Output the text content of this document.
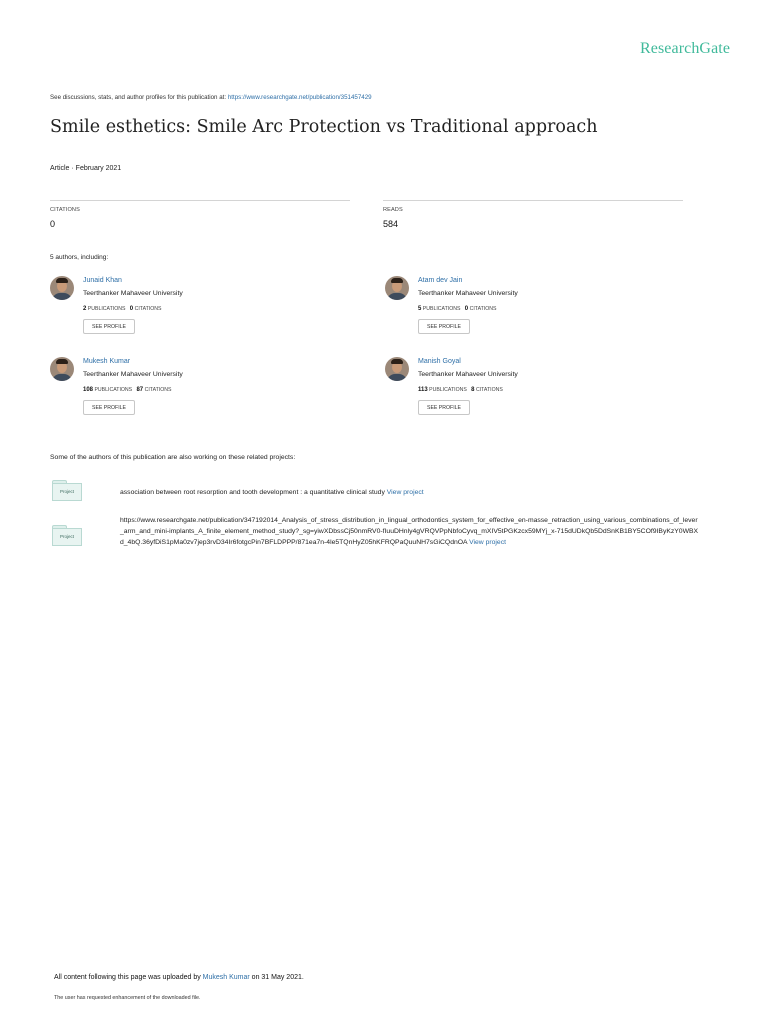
ResearchGate
See discussions, stats, and author profiles for this publication at: https://www.researchgate.net/publication/351457429
Smile esthetics: Smile Arc Protection vs Traditional approach
Article · February 2021
CITATIONS
0
READS
584
5 authors, including:
Junaid Khan
Teerthanker Mahaveer University
2 PUBLICATIONS 0 CITATIONS
SEE PROFILE
Atam dev Jain
Teerthanker Mahaveer University
5 PUBLICATIONS 0 CITATIONS
SEE PROFILE
Mukesh Kumar
Teerthanker Mahaveer University
108 PUBLICATIONS 87 CITATIONS
SEE PROFILE
Manish Goyal
Teerthanker Mahaveer University
113 PUBLICATIONS 8 CITATIONS
SEE PROFILE
Some of the authors of this publication are also working on these related projects:
Project	association between root resorption and tooth development : a quantitative clinical study View project
Project
https://www.researchgate.net/publication/347192014_Analysis_of_stress_distribution_in_lingual_orthodontics_system_for_effective_en-masse_retraction_using_various_combinations_of_lever_arm_and_mini-implants_A_finite_element_method_study?_sg=yiwXDbssCj50nmRV0-fIuuDHnly4gVRQVPpNbfoCyvq_mXIV5tPGKzcx59MYj_x-715dUDkQb5DdSnKB1BY5COf9IByKzY0WBXd_4bQ.36yfDiS1pMa0zv7jep3rvD34Ir6fotgcPin7BFLDPPP/871ea7n-4le5TQnHyZ05hKFRQPaQuuNH7sGiCQdnOA View project
All content following this page was uploaded by Mukesh Kumar on 31 May 2021.
The user has requested enhancement of the downloaded file.
